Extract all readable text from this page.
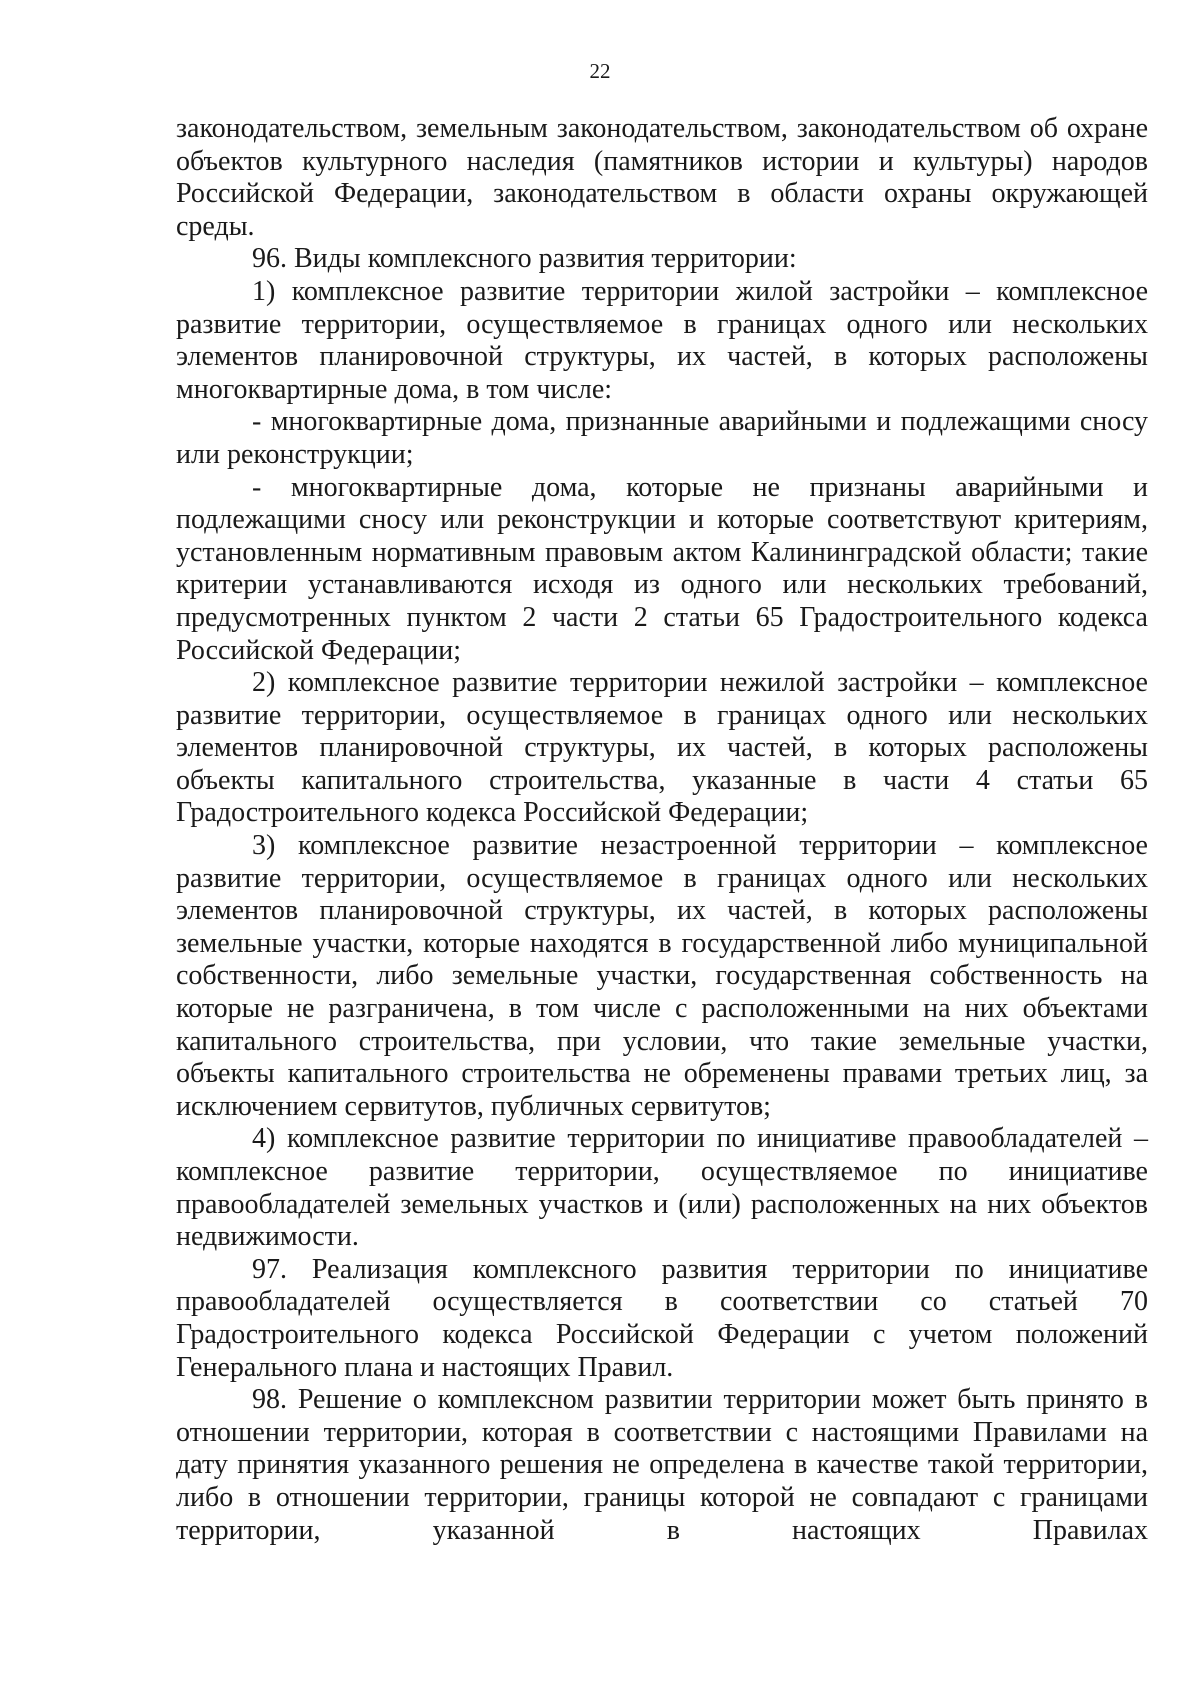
22

законодательством, земельным законодательством, законодательством об охране объектов культурного наследия (памятников истории и культуры) народов Российской Федерации, законодательством в области охраны окружающей среды.

96. Виды комплексного развития территории:

1) комплексное развитие территории жилой застройки – комплексное развитие территории, осуществляемое в границах одного или нескольких элементов планировочной структуры, их частей, в которых расположены многоквартирные дома, в том числе:

- многоквартирные дома, признанные аварийными и подлежащими сносу или реконструкции;

- многоквартирные дома, которые не признаны аварийными и подлежащими сносу или реконструкции и которые соответствуют критериям, установленным нормативным правовым актом Калининградской области; такие критерии устанавливаются исходя из одного или нескольких требований, предусмотренных пунктом 2 части 2 статьи 65 Градостроительного кодекса Российской Федерации;

2) комплексное развитие территории нежилой застройки – комплексное развитие территории, осуществляемое в границах одного или нескольких элементов планировочной структуры, их частей, в которых расположены объекты капитального строительства, указанные в части 4 статьи 65 Градостроительного кодекса Российской Федерации;

3) комплексное развитие незастроенной территории – комплексное развитие территории, осуществляемое в границах одного или нескольких элементов планировочной структуры, их частей, в которых расположены земельные участки, которые находятся в государственной либо муниципальной собственности, либо земельные участки, государственная собственность на которые не разграничена, в том числе с расположенными на них объектами капитального строительства, при условии, что такие земельные участки, объекты капитального строительства не обременены правами третьих лиц, за исключением сервитутов, публичных сервитутов;

4) комплексное развитие территории по инициативе правообладателей – комплексное развитие территории, осуществляемое по инициативе правообладателей земельных участков и (или) расположенных на них объектов недвижимости.

97. Реализация комплексного развития территории по инициативе правообладателей осуществляется в соответствии со статьей 70 Градостроительного кодекса Российской Федерации с учетом положений Генерального плана и настоящих Правил.

98. Решение о комплексном развитии территории может быть принято в отношении территории, которая в соответствии с настоящими Правилами на дату принятия указанного решения не определена в качестве такой территории, либо в отношении территории, границы которой не совпадают с границами территории, указанной в настоящих Правилах
